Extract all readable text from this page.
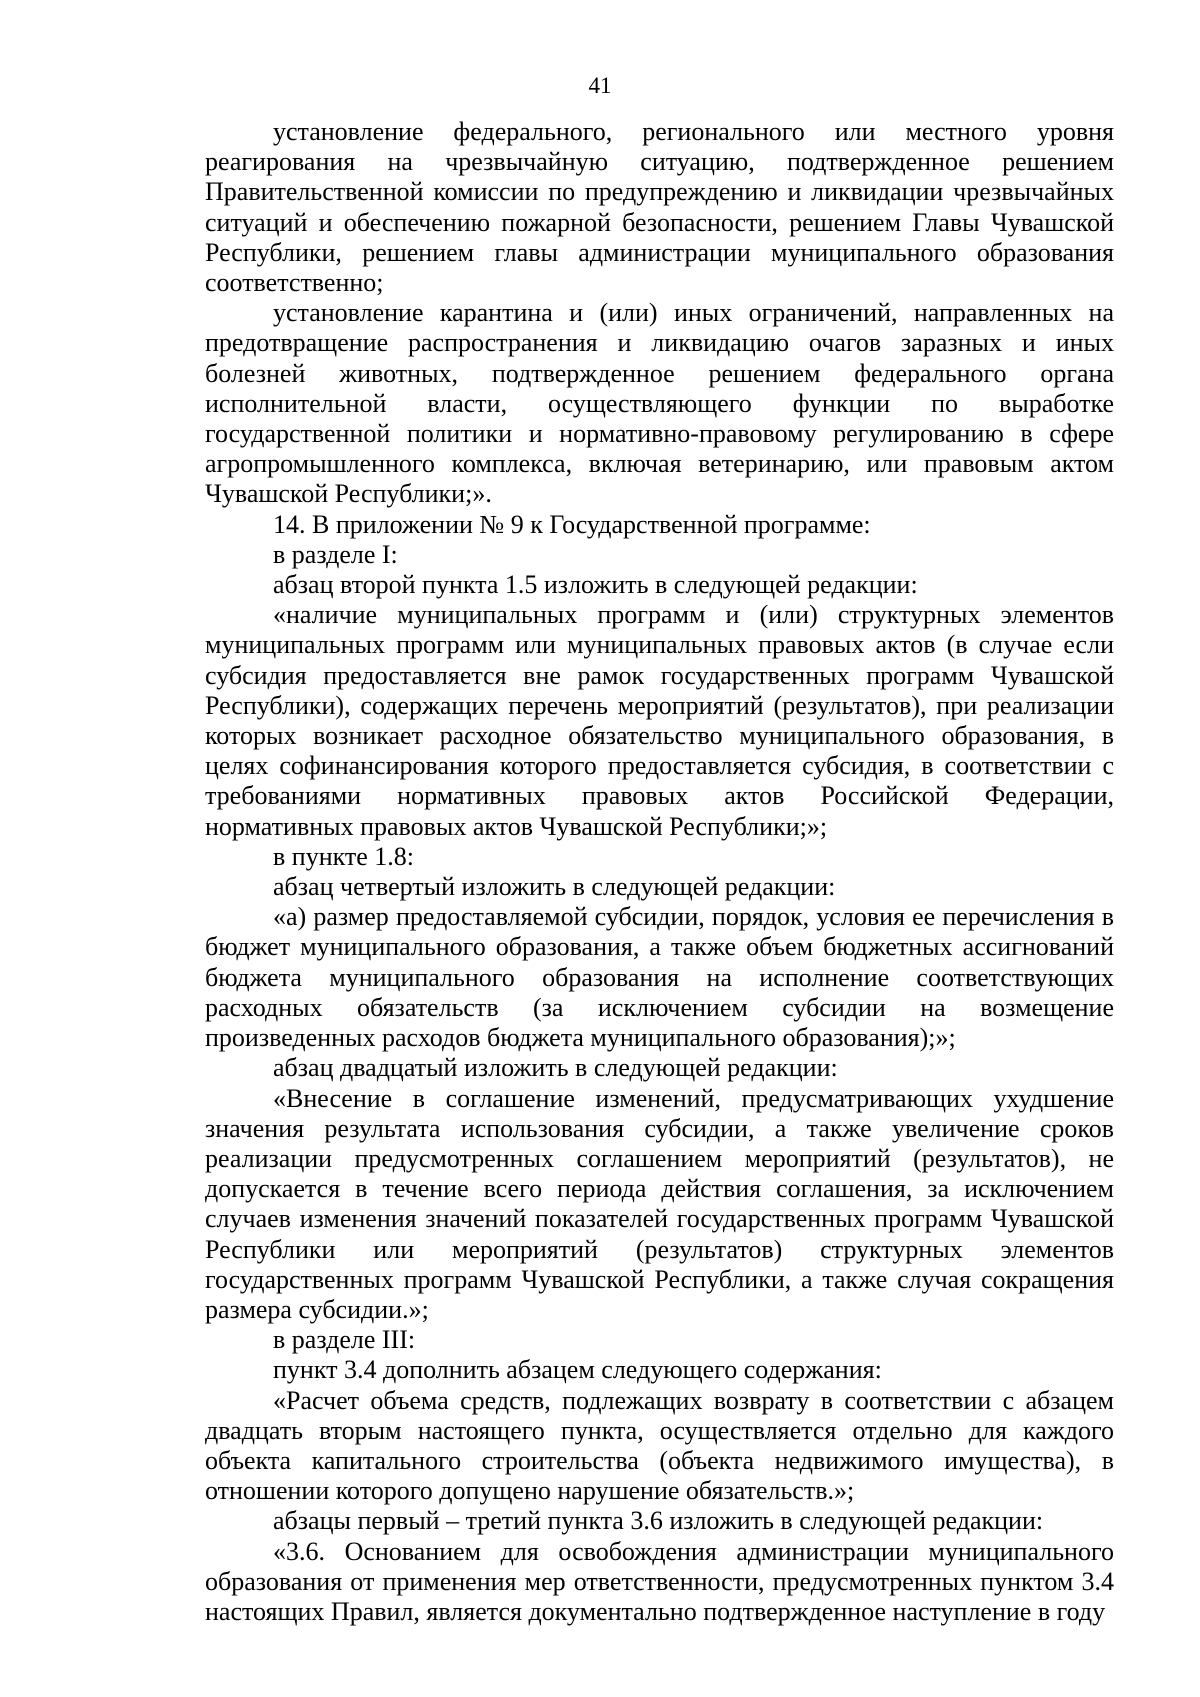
41

установление федерального, регионального или местного уровня реагирования на чрезвычайную ситуацию, подтвержденное решением Правительственной комиссии по предупреждению и ликвидации чрезвычайных ситуаций и обеспечению пожарной безопасности, решением Главы Чувашской Республики, решением главы администрации муниципального образования соответственно;

установление карантина и (или) иных ограничений, направленных на предотвращение распространения и ликвидацию очагов заразных и иных болезней животных, подтвержденное решением федерального органа исполнительной власти, осуществляющего функции по выработке государственной политики и нормативно-правовому регулированию в сфере агропромышленного комплекса, включая ветеринарию, или правовым актом Чувашской Республики;».

14. В приложении № 9 к Государственной программе:

в разделе I:

абзац второй пункта 1.5 изложить в следующей редакции:

«наличие муниципальных программ и (или) структурных элементов муниципальных программ или муниципальных правовых актов (в случае если субсидия предоставляется вне рамок государственных программ Чувашской Республики), содержащих перечень мероприятий (результатов), при реализации которых возникает расходное обязательство муниципального образования, в целях софинансирования которого предоставляется субсидия, в соответствии с требованиями нормативных правовых актов Российской Федерации, нормативных правовых актов Чувашской Республики;»;

в пункте 1.8:

абзац четвертый изложить в следующей редакции:

«а) размер предоставляемой субсидии, порядок, условия ее перечисления в бюджет муниципального образования, а также объем бюджетных ассигнований бюджета муниципального образования на исполнение соответствующих расходных обязательств (за исключением субсидии на возмещение произведенных расходов бюджета муниципального образования);»;

абзац двадцатый изложить в следующей редакции:

«Внесение в соглашение изменений, предусматривающих ухудшение значения результата использования субсидии, а также увеличение сроков реализации предусмотренных соглашением мероприятий (результатов), не допускается в течение всего периода действия соглашения, за исключением случаев изменения значений показателей государственных программ Чувашской Республики или мероприятий (результатов) структурных элементов государственных программ Чувашской Республики, а также случая сокращения размера субсидии.»;

в разделе III:

пункт 3.4 дополнить абзацем следующего содержания:

«Расчет объема средств, подлежащих возврату в соответствии с абзацем двадцать вторым настоящего пункта, осуществляется отдельно для каждого объекта капитального строительства (объекта недвижимого имущества), в отношении которого допущено нарушение обязательств.»;

абзацы первый – третий пункта 3.6 изложить в следующей редакции:

«3.6. Основанием для освобождения администрации муниципального образования от применения мер ответственности, предусмотренных пунктом 3.4 настоящих Правил, является документально подтвержденное наступление в году
